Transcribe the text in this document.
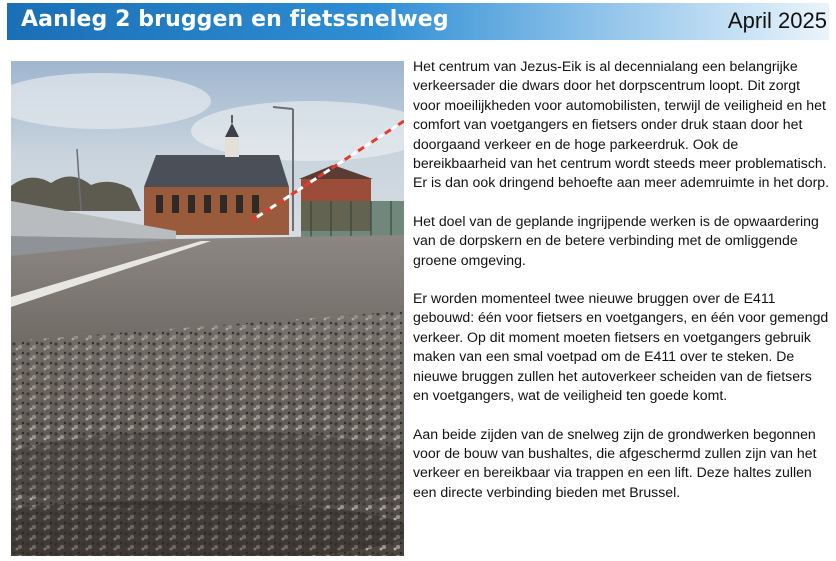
Aanleg 2 bruggen en fietssnelweg	April 2025

Het centrum van Jezus-Eik is al decennialang een belangrijke verkeersader die dwars door het dorpscentrum loopt. Dit zorgt voor moeilijkheden voor automobilisten, terwijl de veiligheid en het comfort van voetgangers en fietsers onder druk staan door het doorgaand verkeer en de hoge parkeerdruk. Ook de bereikbaarheid van het centrum wordt steeds meer problematisch. Er is dan ook dringend behoefte aan meer ademruimte in het dorp.

Het doel van de geplande ingrijpende werken is de opwaardering van de dorpskern en de betere verbinding met de omliggende groene omgeving.

Er worden momenteel twee nieuwe bruggen over de E411 gebouwd: één voor fietsers en voetgangers, en één voor gemengd verkeer. Op dit moment moeten fietsers en voetgangers gebruik maken van een smal voetpad om de E411 over te steken. De nieuwe bruggen zullen het autoverkeer scheiden van de fietsers en voetgangers, wat de veiligheid ten goede komt.

Aan beide zijden van de snelweg zijn de grondwerken begonnen voor de bouw van bushaltes, die afgeschermd zullen zijn van het verkeer en bereikbaar via trappen en een lift. Deze haltes zullen een directe verbinding bieden met Brussel.
